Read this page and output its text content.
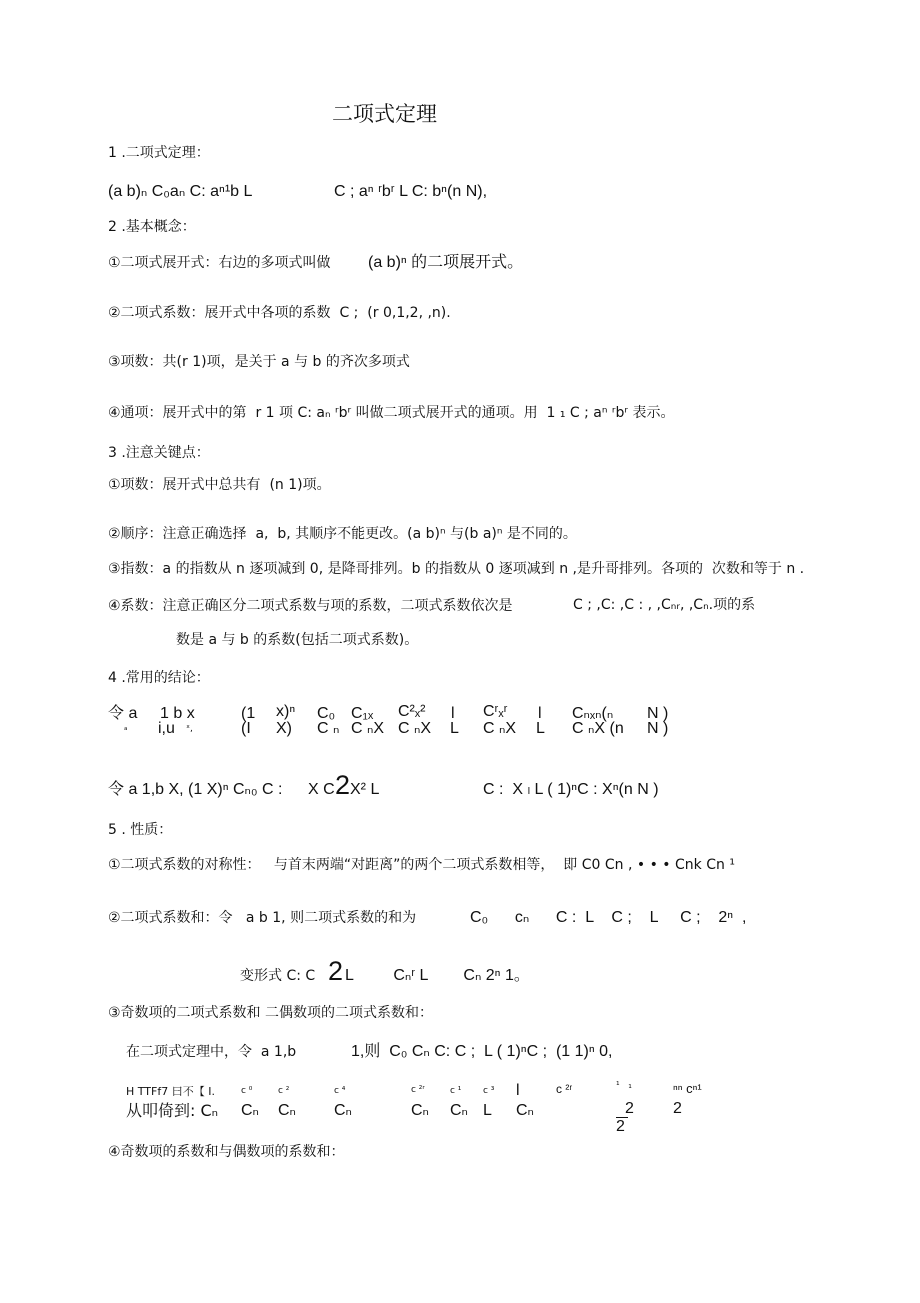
二项式定理
1 .二项式定理：
(a b)ₙ C₀aₙ C: aⁿ¹b L	C ; aⁿ ʳbʳ L C: bⁿ(n N),
2 .基本概念：
①二项式展开式：右边的多项式叫做 (a b)ⁿ 的二项展开式。
②二项式系数：展开式中各项的系数  C ;  (r 0,1,2, ,n).
③项数：共(r 1)项，是关于 a 与 b 的齐次多项式
④通项：展开式中的第  r 1 项 C: aₙ ʳbʳ 叫做二项式展开式的通项。用  1 ₁ C ; aⁿ ʳbʳ 表示。
3 .注意关键点：
①项数：展开式中总共有  (n 1)项。
②顺序：注意正确选择  a,  b, 其顺序不能更改。(a b)ⁿ 与(b a)ⁿ 是不同的。
③指数：a 的指数从 n 逐项减到 0, 是降哥排列。b 的指数从 0 逐项减到 n ,是升哥排列。各项的  次数和等于 n .
④系数：注意正确区分二项式系数与项的系数，二项式系数依次是	C ; ,C: ,C : , ,Cₙᵣ, ,Cₙ.项的系
数是 a 与 b 的系数(包括二项式系数)。
4 .常用的结论：
令 a 1 b x	(1 x)ⁿ C₀ C₁ₓ C²ₓ² l Cʳₓʳ l Cₙₓₙ(ₙ N )
ᵃ i,u ˣ,	(I X) C ₙ C ₙX C ₙX L C ₙX L C ₙX (n N )
令 a 1,b X, (1 X)ⁿ Cₙ₀ C : X C 2 X² L	C :  X ₗ L ( 1)ⁿC : Xⁿ(n N )
5 . 性质：
①二项式系数的对称性：   与首末两端“对距离”的两个二项式系数相等，  即 C0 Cn , • • • Cnk Cn ¹
②二项式系数和：令   a b 1, 则二项式系数的和为	C₀      cₙ      C :  L    C ;    L     C ;    2ⁿ  ,
变形式 C: C 2 L         Cₙʳ L        Cₙ 2ⁿ 1。
③奇数项的二项式系数和 二偶数项的二项式系数和：
在二项式定理中，令  a 1,b	1,则  C₀ Cₙ C: C ;  L ( 1)ⁿC ;  (1 1)ⁿ 0,
H TTFf7 曰不【 I.	c ⁰	c ²	c ⁴	c ²ʳ	c ¹ c ³ l	c ²ʳ	¹   ₁	ⁿⁿ cⁿ¹
从叩倚到: Cₙ Cₙ Cₙ Cₙ	Cₙ Cₙ L Cₙ	2
2
2
④奇数项的系数和与偶数项的系数和：
